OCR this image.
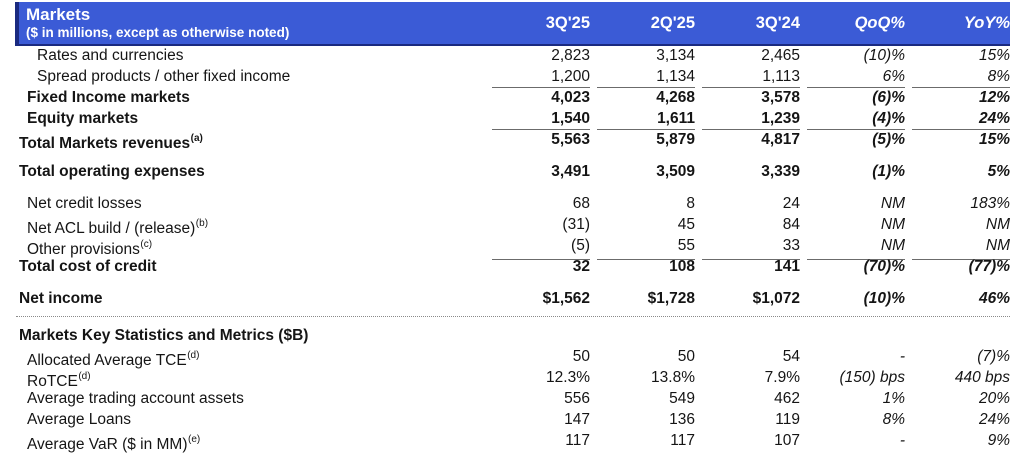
Markets
($ in millions, except as otherwise noted)
3Q'25	2Q'25	3Q'24	QoQ%	YoY%
Rates and currencies	2,823	3,134	2,465	(10)%	15%
Spread products / other fixed income	1,200	1,134	1,113	6%	8%
Fixed Income markets	4,023	4,268	3,578	(6)%	12%
Equity markets	1,540	1,611	1,239	(4)%	24%
Total Markets revenues$^{(a)}$	5,563	5,879	4,817	(5)%	15%
Total operating expenses	3,491	3,509	3,339	(1)%	5%
Net credit losses	68	8	24	NM	183%
Net ACL build / (release)$^{(b)}$	(31)	45	84	NM	NM
Other provisions$^{(c)}$	(5)	55	33	NM	NM
Total cost of credit	32	108	141	(70)%	(77)%
Net income	$1,562	$1,728	$1,072	(10)%	46%
Markets Key Statistics and Metrics ($B)
Allocated Average TCE$^{(d)}$	50	50	54	-	(7)%
RoTCE$^{(d)}$	12.3%	13.8%	7.9%	(150) bps	440 bps
Average trading account assets	556	549	462	1%	20%
Average Loans	147	136	119	8%	24%
Average VaR ($ in MM)$^{(e)}$	117	117	107	-	9%
